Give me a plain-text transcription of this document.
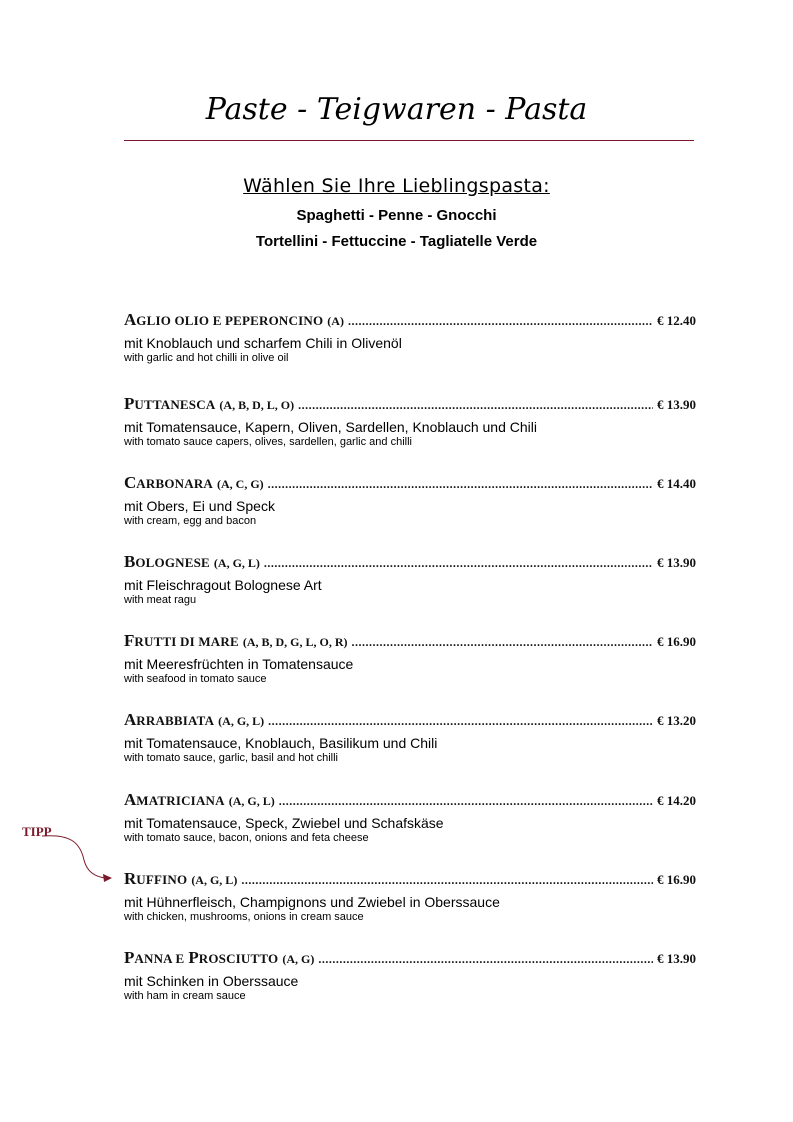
Paste - Teigwaren - Pasta
Wählen Sie Ihre Lieblingspasta:
Spaghetti - Penne - Gnocchi
Tortellini - Fettuccine - Tagliatelle Verde
AGLIO OLIO E PEPERONCINO (A) .....	€ 12.40
mit Knoblauch und scharfem Chili in Olivenöl
with garlic and hot chilli in olive oil
PUTTANESCA (A, B, D, L, O) .....	€ 13.90
mit Tomatensauce, Kapern, Oliven, Sardellen, Knoblauch und Chili
with tomato sauce capers, olives, sardellen, garlic and chilli
CARBONARA (A, C, G) .....	€ 14.40
mit Obers, Ei und Speck
with cream, egg and bacon
BOLOGNESE (A, G, L) .....	€ 13.90
mit Fleischragout Bolognese Art
with meat ragu
FRUTTI DI MARE (A, B, D, G, L, O, R) .....	€ 16.90
mit Meeresfrüchten in Tomatensauce
with seafood in tomato sauce
ARRABBIATA (A, G, L) .....	€ 13.20
mit Tomatensauce, Knoblauch, Basilikum und Chili
with tomato sauce, garlic, basil and hot chilli
AMATRICIANA (A, G, L) .....	€ 14.20
mit Tomatensauce, Speck, Zwiebel und Schafskäse
with tomato sauce, bacon, onions and feta cheese
TIPP
RUFFINO (A, G, L) .....	€ 16.90
mit Hühnerfleisch, Champignons und Zwiebel in Oberssauce
with chicken, mushrooms, onions in cream sauce
PANNA E PROSCIUTTO (A, G) .....	€ 13.90
mit Schinken in Oberssauce
with ham in cream sauce
